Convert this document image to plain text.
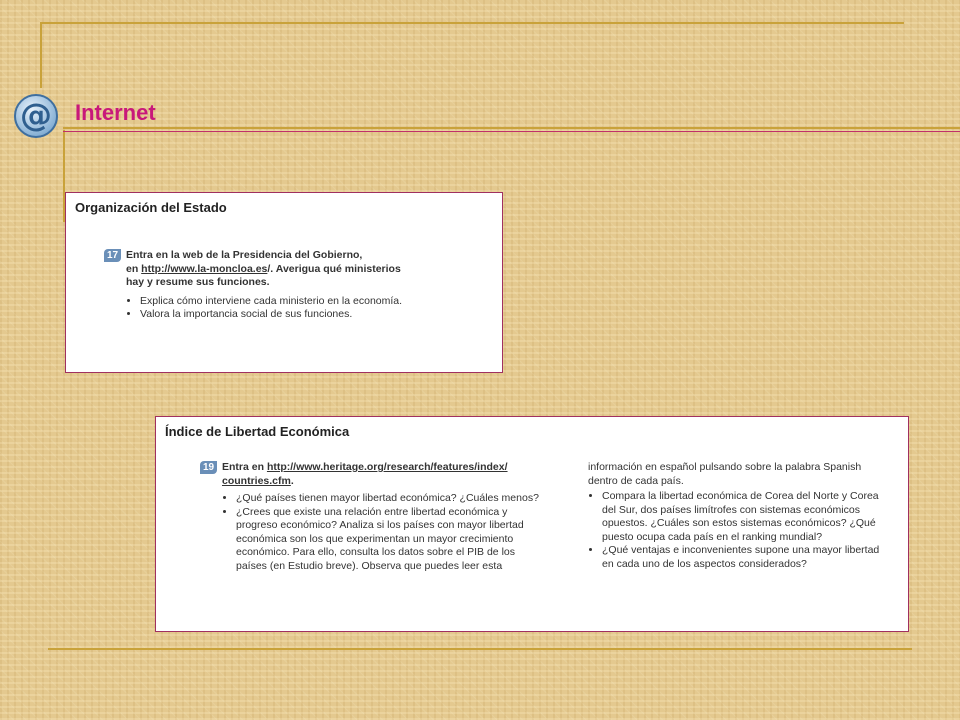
@ Internet
Organización del Estado
17 Entra en la web de la Presidencia del Gobierno,
en http://www.la-moncloa.es/. Averigua qué ministerios
hay y resume sus funciones.
• Explica cómo interviene cada ministerio en la economía.
• Valora la importancia social de sus funciones.
Índice de Libertad Económica
19 Entra en http://www.heritage.org/research/features/index/
countries.cfm.
• ¿Qué países tienen mayor libertad económica? ¿Cuáles menos?
• ¿Crees que existe una relación entre libertad económica y progreso económico? Analiza si los países con mayor libertad económica son los que experimentan un mayor crecimiento económico. Para ello, consulta los datos sobre el PIB de los países (en Estudio breve). Observa que puedes leer esta
información en español pulsando sobre la palabra Spanish dentro de cada país.
• Compara la libertad económica de Corea del Norte y Corea del Sur, dos países limítrofes con sistemas económicos opuestos. ¿Cuáles son estos sistemas económicos? ¿Qué puesto ocupa cada país en el ranking mundial?
• ¿Qué ventajas e inconvenientes supone una mayor libertad en cada uno de los aspectos considerados?
